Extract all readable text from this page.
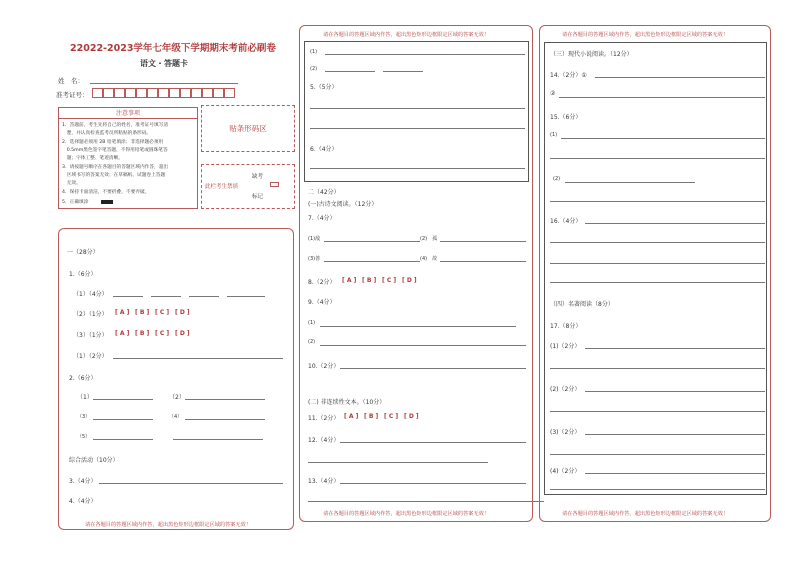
22022-2023学年七年级下学期期末考前必刷卷
语文・答题卡
姓　名：
准考证号：
注意事项
1．答题前，考生先将自己的姓名，准考证号填写清
　楚，并认真检查监考员所粘贴的条形码。
2．选择题必须用 2B 铅笔填涂；非选择题必须用
　0.5mm黑色签字笔答题，不得用铅笔或圆珠笔答
　题；字体工整、笔迹清晰。
3．请按题号顺序在各题目的答题区域内作答，超出
　区域书写的答案无效；在草稿纸、试题卷上答题
　无效。
4．保持卡面清洁，不要折叠、不要弄破。
5．正确填涂
贴条形码区
此栏考生禁填
缺考
标记
一（28分）
1.（6分）
（1）（4分）
（2）（1分） [ A ] [ B ] [ C ] [ D ]
（3）（1分） [ A ] [ B ] [ C ] [ D ]
（1）（2分）
2.（6分）
（1）	（2）
（3）	（4）
（5）
综合活动（10分）
3.（4分）
4.（4分）
请在各题目的答题区域内作答，超出黑色矩形边框限定区域的答案无效！
请在各题目的答题区域内作答，超出黑色矩形边框限定区域的答案无效！
(1)
(2)
5.（5分）
6.（4分）
二（42分）
(一)古诗文阅读。（12分）
7.（4分）
(1)敌	(2)　孤
(3)善	(4)　故
8.（2分） [ A ] [ B ] [ C ] [ D ]
9.（4分）
(1)
(2)
10.（2分）
(二) 非连续性文本。（10分）
11.（2分） [ A ] [ B ] [ C ] [ D ]
12.（4分）
13.（4分）
请在各题目的答题区域内作答，超出黑色矩形边框限定区域的答案无效！
请在各题目的答题区域内作答，超出黑色矩形边框限定区域的答案无效！
（三）现代小说阅读。（12分）
14.（2分）①
②
15.（6分）
(1)
(2)
16.（4分）
（四）名著阅读（8分）
17.（8分）
(1)（2分）
(2)（2分）
(3)（2分）
(4)（2分）
请在各题目的答题区域内作答，超出黑色矩形边框限定区域的答案无效！
